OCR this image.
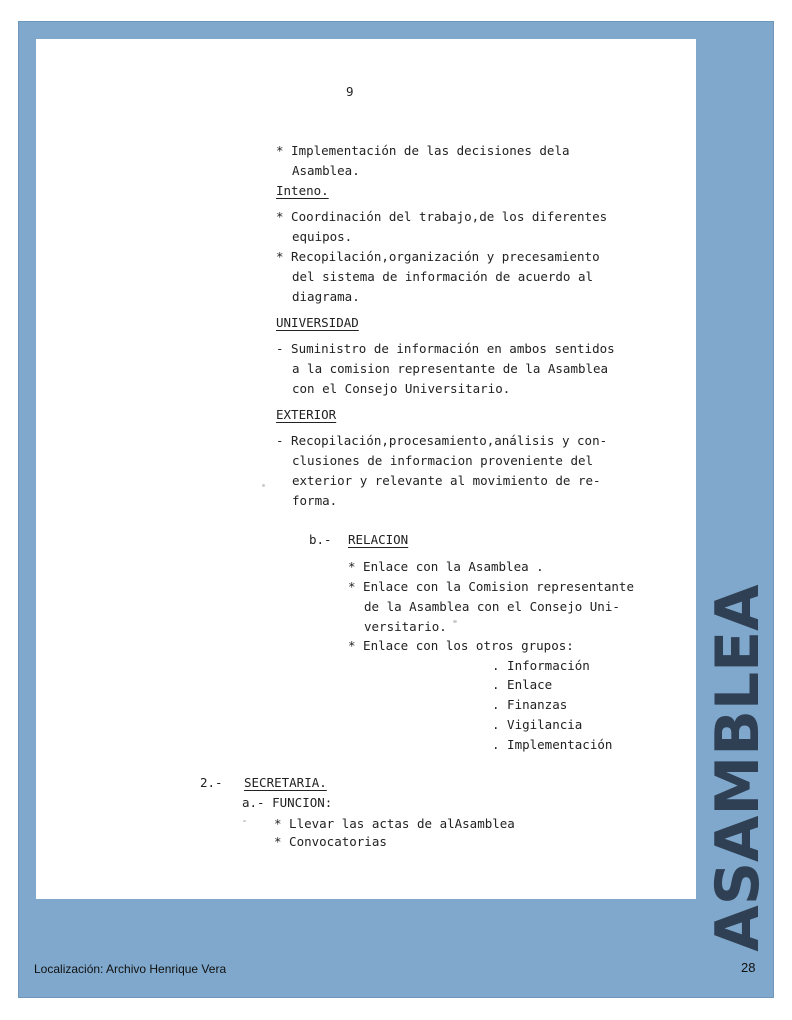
9
* Implementación de las decisiones dela
Asamblea.
Inteno.
* Coordinación del trabajo,de los diferentes
equipos.
* Recopilación,organización y precesamiento
del sistema de información de acuerdo al
diagrama.
UNIVERSIDAD
- Suministro de información en ambos sentidos
a la comision representante de la Asamblea
con el Consejo Universitario.
EXTERIOR
- Recopilación,procesamiento,análisis y con-
clusiones de informacion proveniente del
exterior y relevante al movimiento de re-
forma.
b.- RELACION
* Enlace con la Asamblea .
* Enlace con la Comision representante
de la Asamblea con el Consejo Uni-
versitario.
* Enlace con los otros grupos:
. Información
. Enlace
. Finanzas
. Vigilancia
. Implementación
2.- SECRETARIA.
a.- FUNCION:
* Llevar las actas de alAsamblea
* Convocatorias	ASAMBLEA
Localización: Archivo Henrique Vera	28
